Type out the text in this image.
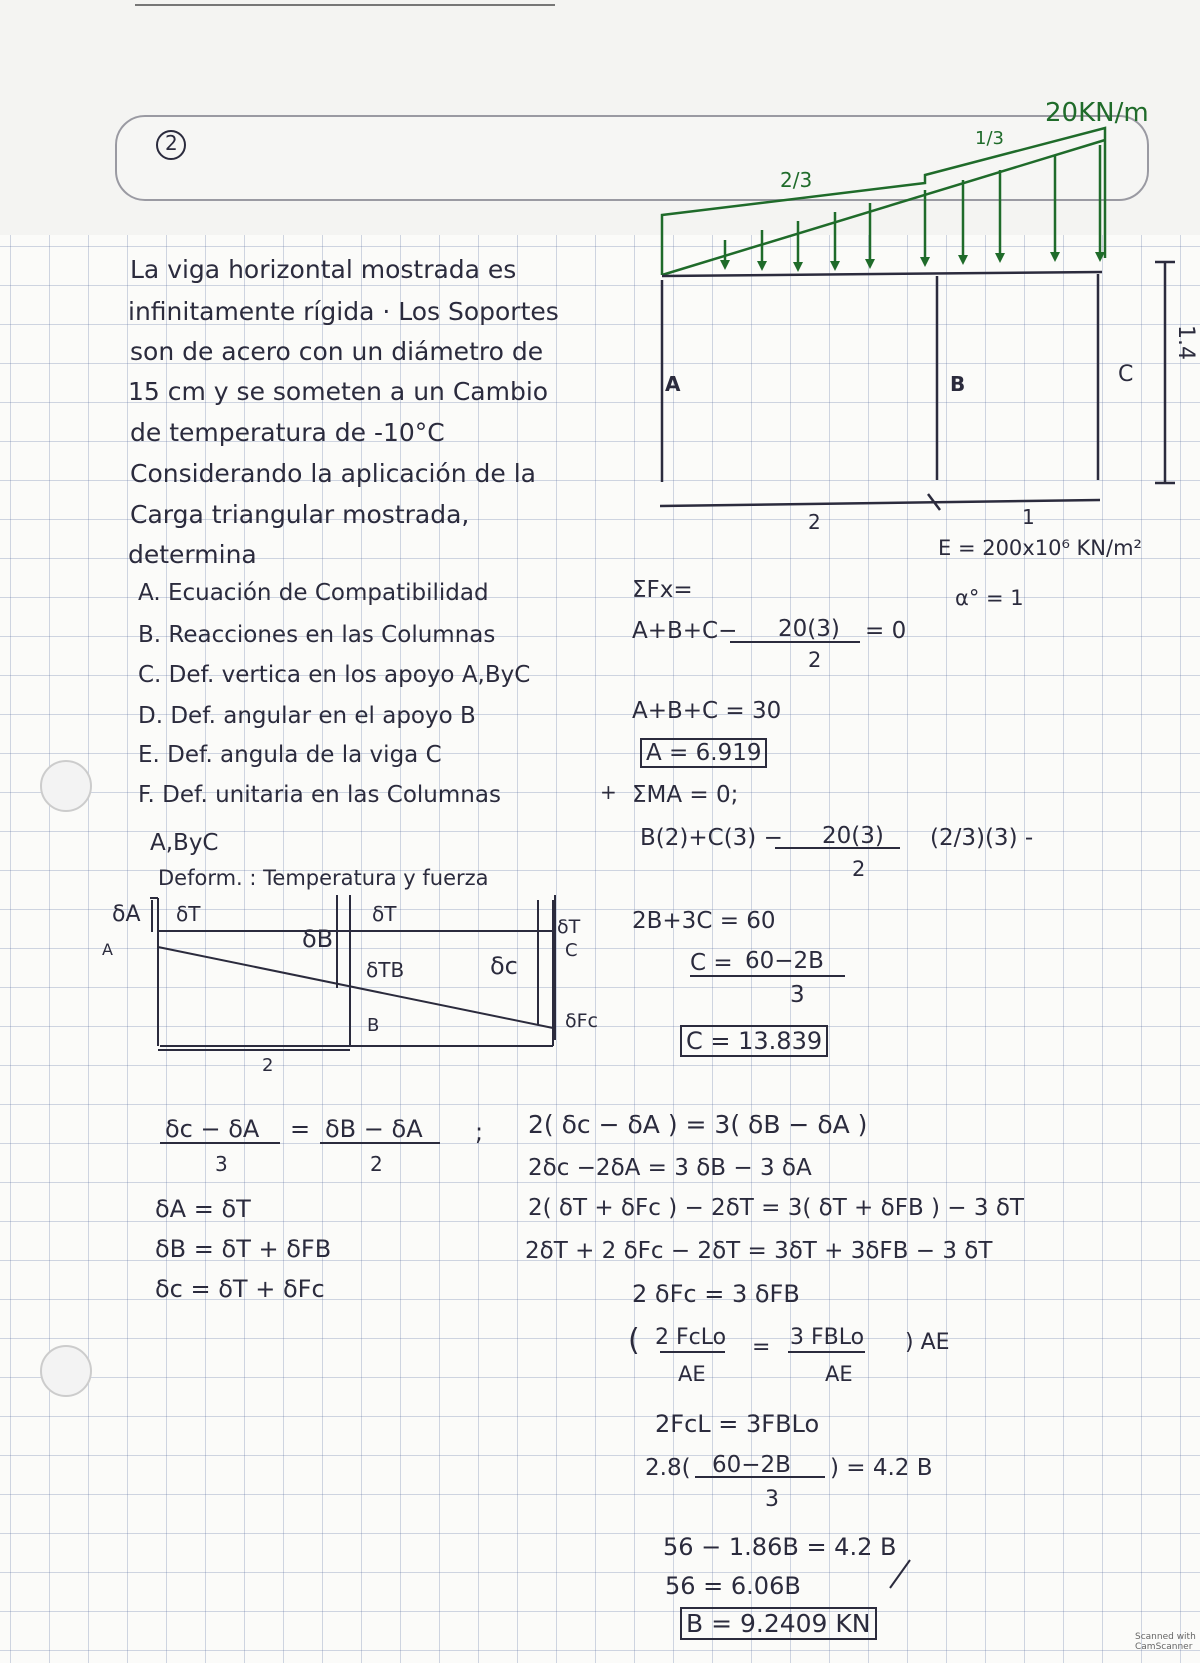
2
La viga horizontal mostrada es
infinitamente rígida · Los Soportes
son de acero con un diámetro de
15 cm y se someten a un Cambio
de temperatura de -10°C
Considerando la aplicación de la
Carga triangular mostrada,
determina
A. Ecuación de Compatibilidad
B. Reacciones en las Columnas
C. Def. vertica en los apoyo A,ByC
D. Def. angular en el apoyo B
E. Def. angula de la viga C
F. Def. unitaria en las Columnas
A,ByC
20KN/m
1/3
2/3
A	B	C
1.4
2	1
E = 200x10⁶ KN/m²
α° = 1
ΣFx=
A+B+C− 20(3)
2
= 0
A+B+C = 30
A = 6.919
+ ΣMA = 0;
B(2)+C(3) − 20(3)
2
(2/3)(3) -
2B+3C = 60
C = 60−2B
3
C = 13.839
Deform. : Temperatura y fuerza
δA δT
δB
δT
δTB	δc
δT
δFc
A
B
C
2
δc − δA
3
= δB − δA
2
;
δA = δT
δB = δT + δFB
δc = δT + δFc
2( δc − δA ) = 3( δB − δA )
2δc −2δA = 3 δB − 3 δA
2( δT + δFc ) − 2δT = 3( δT + δFB ) − 3 δT
2δT + 2 δFc − 2δT = 3δT + 3δFB − 3 δT
2 δFc = 3 δFB
( 2 FcLo
AE
= 3 FBLo
AE
) AE
2FcL = 3FBLo
2.8( 60−2B
3
) = 4.2 B
56 − 1.86B = 4.2 B
56 = 6.06B
B = 9.2409 KN	Scanned with CamScanner
